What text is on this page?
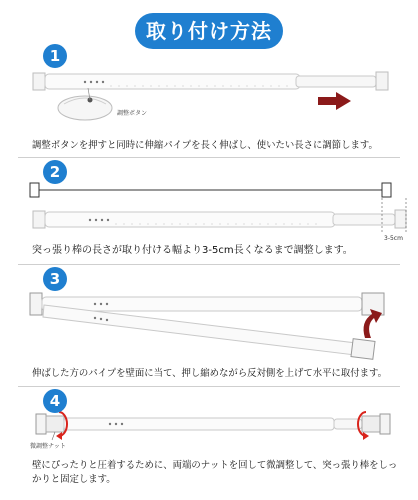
取り付け方法
1
2
3
4
調整ボタン
3-5cm
微調整ナット
調整ボタンを押すと同時に伸縮パイプを長く伸ばし、使いたい長さに調節します。
突っ張り棒の長さが取り付ける幅より3-5cm長くなるまで調整します。
伸ばした方のパイプを壁面に当て、押し縮めながら反対側を上げて水平に取付ます。
壁にぴったりと圧着するために、両端のナットを回して微調整して、突っ張り棒をしっ
かりと固定します。
